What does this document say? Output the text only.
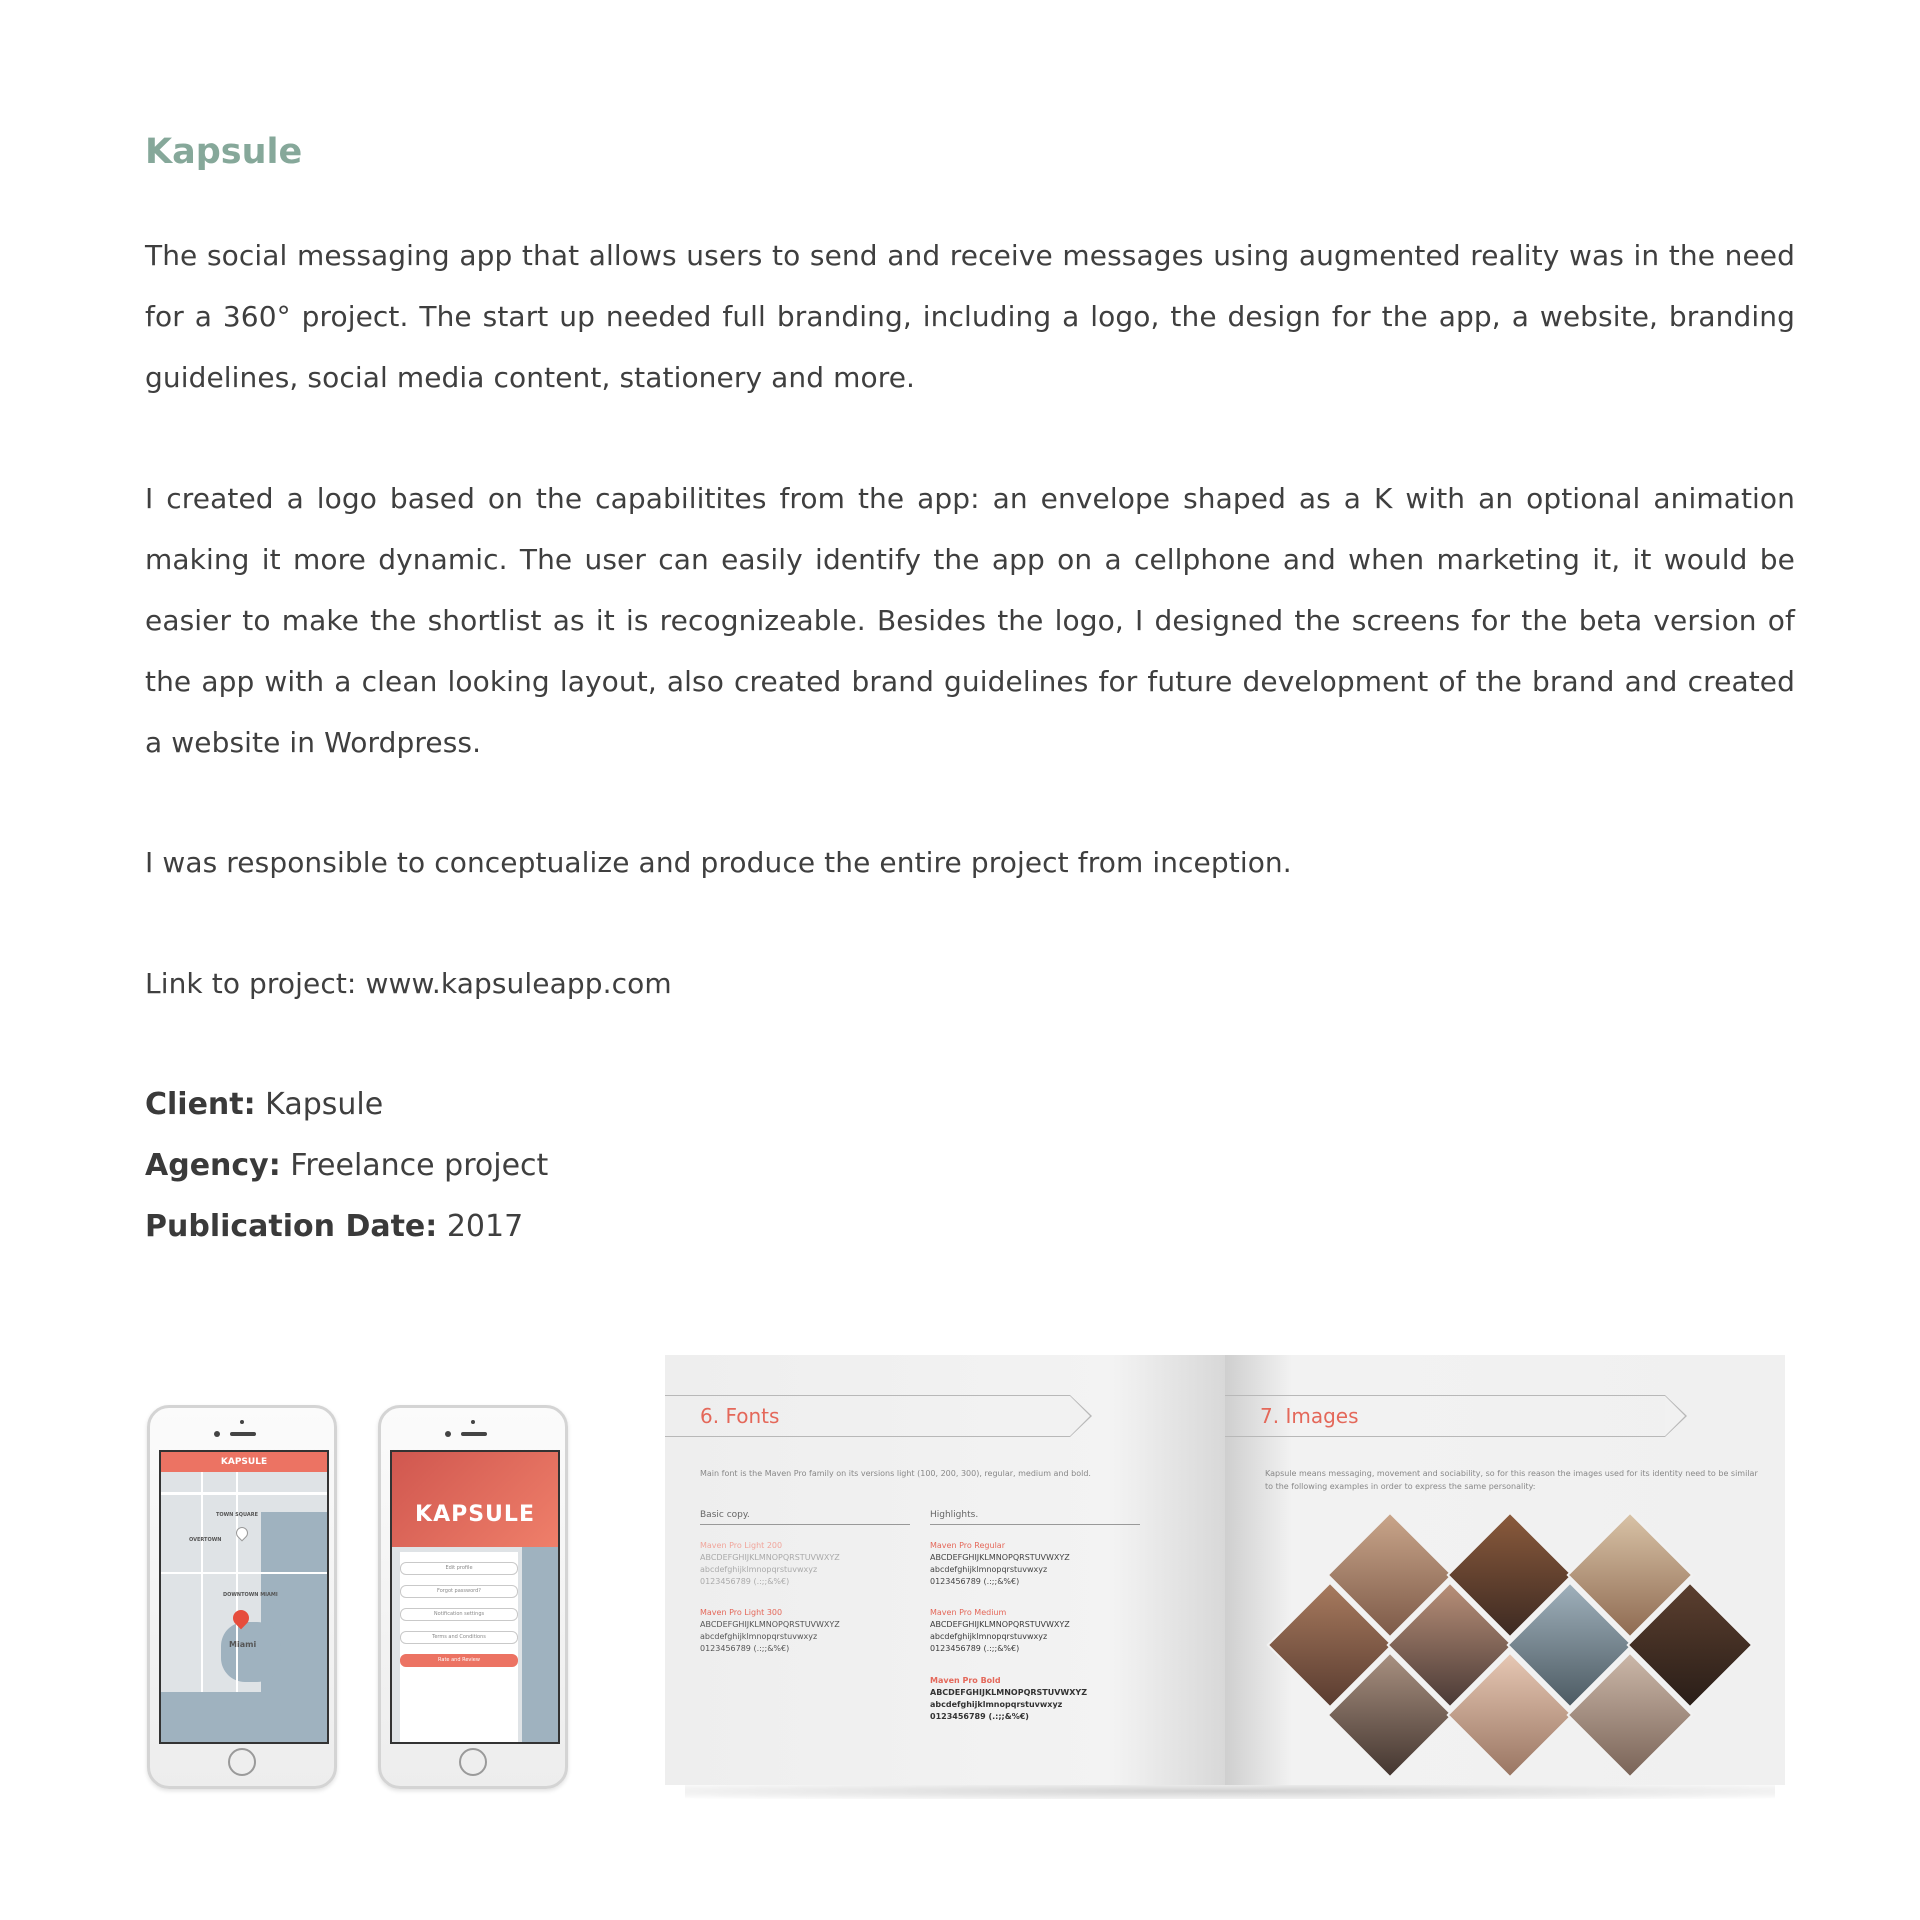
Kapsule

The social messaging app that allows users to send and receive messages using augmented reality was in the need for a 360° project. The start up needed full branding, including a logo, the design for the app, a website, branding guidelines, social media content, stationery and more.

I created a logo based on the capabilitites from the app: an envelope shaped as a K with an optional animation making it more dynamic. The user can easily identify the app on a cellphone and when marketing it, it would be easier to make the shortlist as it is recognizeable. Besides the logo, I designed the screens for the beta version of the app with a clean looking layout, also created brand guidelines for future development of the brand and created a website in Wordpress.

I was responsible to conceptualize and produce the entire project from inception.

Link to project: www.kapsuleapp.com

Client: Kapsule
Agency: Freelance project
Publication Date: 2017
KAPSULE
TOWN SQUARE
OVERTOWN
DOWNTOWN MIAMI
Miami
KAPSULE
Edit profile
Forgot password?
Notification settings
Terms and Conditions
Rate and Review
6. Fonts
Main font is the Maven Pro family on its versions light (100, 200, 300), regular, medium and bold.
Basic copy.	Highlights.
Maven Pro Light 200
ABCDEFGHIJKLMNOPQRSTUVWXYZ
abcdefghijklmnopqrstuvwxyz
0123456789 (.:;;&%€)
Maven Pro Light 300
ABCDEFGHIJKLMNOPQRSTUVWXYZ
abcdefghijklmnopqrstuvwxyz
0123456789 (.:;;&%€)
Maven Pro Regular
ABCDEFGHIJKLMNOPQRSTUVWXYZ
abcdefghijklmnopqrstuvwxyz
0123456789 (.:;;&%€)
Maven Pro Medium
ABCDEFGHIJKLMNOPQRSTUVWXYZ
abcdefghijklmnopqrstuvwxyz
0123456789 (.:;;&%€)
Maven Pro Bold
ABCDEFGHIJKLMNOPQRSTUVWXYZ
abcdefghijklmnopqrstuvwxyz
0123456789 (.:;;&%€)
7. Images
Kapsule means messaging, movement and sociability, so for this reason the images used for its identity need to be similar to the following examples in order to express the same personality:
